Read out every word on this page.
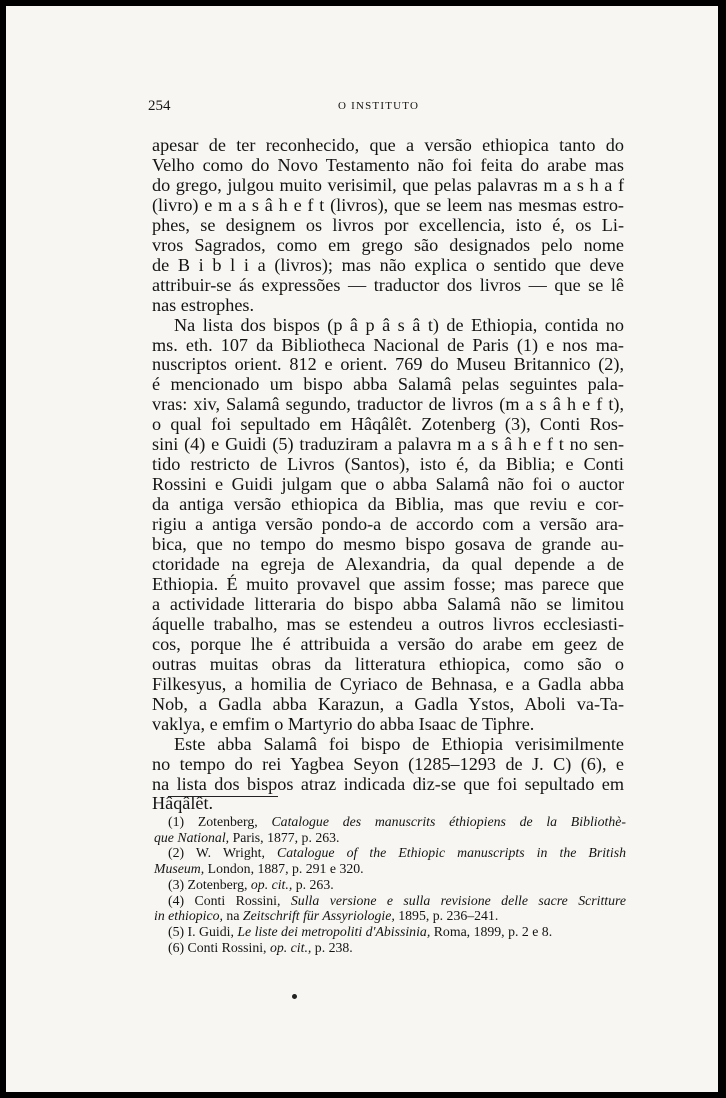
254	O INSTITUTO
apesar de ter reconhecido, que a versão ethiopica tanto do
Velho como do Novo Testamento não foi feita do arabe mas
do grego, julgou muito verisimil, que pelas palavras m a s h a f
(livro) e m a s â h e f t (livros), que se leem nas mesmas estro-
phes, se designem os livros por excellencia, isto é, os Li-
vros Sagrados, como em grego são designados pelo nome
de B i b l i a (livros); mas não explica o sentido que deve
attribuir-se ás expressões — traductor dos livros — que se lê
nas estrophes.
Na lista dos bispos (p â p â s â t) de Ethiopia, contida no
ms. eth. 107 da Bibliotheca Nacional de Paris (1) e nos ma-
nuscriptos orient. 812 e orient. 769 do Museu Britannico (2),
é mencionado um bispo abba Salamâ pelas seguintes pala-
vras: xiv, Salamâ segundo, traductor de livros (m a s â h e f t),
o qual foi sepultado em Hâqâlêt. Zotenberg (3), Conti Ros-
sini (4) e Guidi (5) traduziram a palavra m a s â h e f t no sen-
tido restricto de Livros (Santos), isto é, da Biblia; e Conti
Rossini e Guidi julgam que o abba Salamâ não foi o auctor
da antiga versão ethiopica da Biblia, mas que reviu e cor-
rigiu a antiga versão pondo-a de accordo com a versão ara-
bica, que no tempo do mesmo bispo gosava de grande au-
ctoridade na egreja de Alexandria, da qual depende a de
Ethiopia. É muito provavel que assim fosse; mas parece que
a actividade litteraria do bispo abba Salamâ não se limitou
áquelle trabalho, mas se estendeu a outros livros ecclesiasti-
cos, porque lhe é attribuida a versão do arabe em geez de
outras muitas obras da litteratura ethiopica, como são o
Filkesyus, a homilia de Cyriaco de Behnasa, e a Gadla abba
Nob, a Gadla abba Karazun, a Gadla Ystos, Aboli va-Ta-
vaklya, e emfim o Martyrio do abba Isaac de Tiphre.
Este abba Salamâ foi bispo de Ethiopia verisimilmente
no tempo do rei Yagbea Seyon (1285–1293 de J. C) (6), e
na lista dos bispos atraz indicada diz-se que foi sepultado em
Hâqâlêt.
(1) Zotenberg, Catalogue des manuscrits éthiopiens de la Bibliothè-
que National, Paris, 1877, p. 263.
(2) W. Wright, Catalogue of the Ethiopic manuscripts in the British
Museum, London, 1887, p. 291 e 320.
(3) Zotenberg, op. cit., p. 263.
(4) Conti Rossini, Sulla versione e sulla revisione delle sacre Scritture
in ethiopico, na Zeitschrift für Assyriologie, 1895, p. 236–241.
(5) I. Guidi, Le liste dei metropoliti d'Abissinia, Roma, 1899, p. 2 e 8.
(6) Conti Rossini, op. cit., p. 238.
